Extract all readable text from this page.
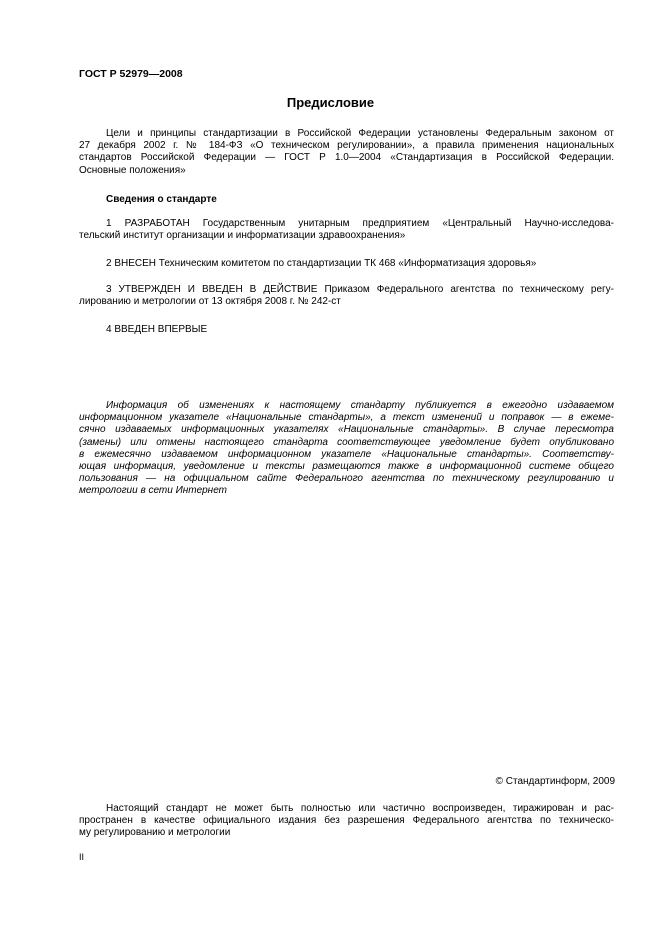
ГОСТ Р 52979—2008
Предисловие
Цели и принципы стандартизации в Российской Федерации установлены Федеральным законом от
27 декабря 2002 г. № 184-ФЗ «О техническом регулировании», а правила применения национальных
стандартов Российской Федерации — ГОСТ Р 1.0—2004 «Стандартизация в Российской Федерации.
Основные положения»
Сведения о стандарте
1 РАЗРАБОТАН Государственным унитарным предприятием «Центральный Научно-исследова-
тельский институт организации и информатизации здравоохранения»
2 ВНЕСЕН Техническим комитетом по стандартизации ТК 468 «Информатизация здоровья»
3 УТВЕРЖДЕН И ВВЕДЕН В ДЕЙСТВИЕ Приказом Федерального агентства по техническому регу-
лированию и метрологии от 13 октября 2008 г. № 242-ст
4 ВВЕДЕН ВПЕРВЫЕ
Информация об изменениях к настоящему стандарту публикуется в ежегодно издаваемом
информационном указателе «Национальные стандарты», а текст изменений и поправок — в ежеме-
сячно издаваемых информационных указателях «Национальные стандарты». В случае пересмотра
(замены) или отмены настоящего стандарта соответствующее уведомление будет опубликовано
в ежемесячно издаваемом информационном указателе «Национальные стандарты». Соответству-
ющая информация, уведомление и тексты размещаются также в информационной системе общего
пользования — на официальном сайте Федерального агентства по техническому регулированию и
метрологии в сети Интернет
© Стандартинформ, 2009
Настоящий стандарт не может быть полностью или частично воспроизведен, тиражирован и рас-
пространен в качестве официального издания без разрешения Федерального агентства по техническо-
му регулированию и метрологии
II
